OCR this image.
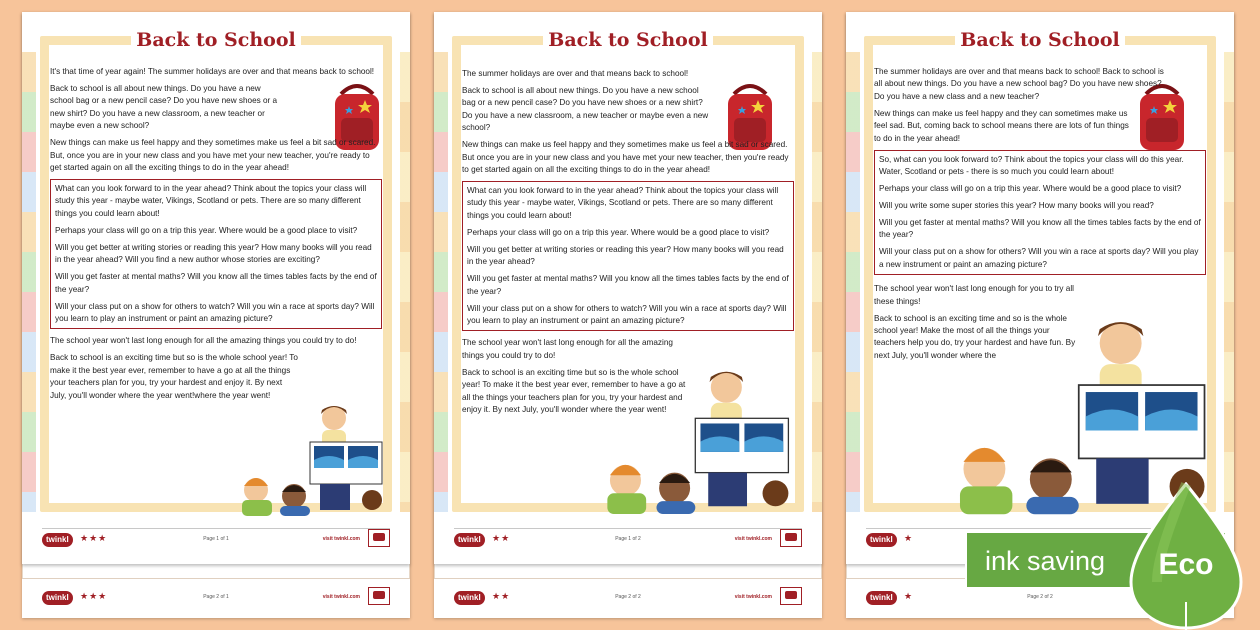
twinkl	★★★	Page 2 of 1	visit twinkl.com
Back to School

It's that time of year again! The summer holidays are over and that means back to school!

Back to school is all about new things. Do you have a new school bag or a new pencil case? Do you have new shoes or a new shirt? Do you have a new classroom, a new teacher or maybe even a new school?

New things can make us feel happy and they sometimes make us feel a bit sad or scared. But, once you are in your new class and you have met your new teacher, you're ready to get started again on all the exciting things to do in the year ahead!

What can you look forward to in the year ahead? Think about the topics your class will study this year - maybe water, Vikings, Scotland or pets. There are so many different things you could learn about!

Perhaps your class will go on a trip this year. Where would be a good place to visit?

Will you get better at writing stories or reading this year? How many books will you read in the year ahead? Will you find a new author whose stories are exciting?

Will you get faster at mental maths? Will you know all the times tables facts by the end of the year?

Will your class put on a show for others to watch? Will you win a race at sports day? Will you learn to play an instrument or paint an amazing picture?

The school year won't last long enough for all the amazing things you could try to do!

Back to school is an exciting time but so is the whole school year! To make it the best year ever, remember to have a go at all the things your teachers plan for you, try your hardest and enjoy it. By next July, you'll wonder where the year went!where the year went!

twinkl	★★★	Page 1 of 1	visit twinkl.com
twinkl	★★	Page 2 of 2	visit twinkl.com
Back to School

The summer holidays are over and that means back to school!

Back to school is all about new things. Do you have a new school bag or a new pencil case? Do you have new shoes or a new shirt? Do you have a new classroom, a new teacher or maybe even a new school?

New things can make us feel happy and they sometimes make us feel a bit sad or scared. But once you are in your new class and you have met your new teacher, then you're ready to get started again on all the exciting things to do in the year ahead!

What can you look forward to in the year ahead? Think about the topics your class will study this year - maybe water, Vikings, Scotland or pets. There are so many different things you could learn about!

Perhaps your class will go on a trip this year. Where would be a good place to visit?

Will you get better at writing stories or reading this year? How many books will you read in the year ahead?

Will you get faster at mental maths? Will you know all the times tables facts by the end of the year?

Will your class put on a show for others to watch? Will you win a race at sports day? Will you learn to play an instrument or paint an amazing picture?

The school year won't last long enough for all the amazing things you could try to do!

Back to school is an exciting time but so is the whole school year! To make it the best year ever, remember to have a go at all the things your teachers plan for you, try your hardest and enjoy it. By next July, you'll wonder where the year went!

twinkl	★★	Page 1 of 2	visit twinkl.com
twinkl	★	Page 2 of 2
Back to School

The summer holidays are over and that means back to school! Back to school is all about new things. Do you have a new school bag? Do you have new shoes? Do you have a new class and a new teacher?

New things can make us feel happy and they can sometimes make us feel sad. But, coming back to school means there are lots of fun things to do in the year ahead!

So, what can you look forward to? Think about the topics your class will do this year. Water, Scotland or pets - there is so much you could learn about!

Perhaps your class will go on a trip this year. Where would be a good place to visit?

Will you write some super stories this year? How many books will you read?

Will you get faster at mental maths? Will you know all the times tables facts by the end of the year?

Will your class put on a show for others? Will you win a race at sports day? Will you play a new instrument or paint an amazing picture?

The school year won't last long enough for you to try all these things!

Back to school is an exciting time and so is the whole school year! Make the most of all the things your teachers help you do, try your hardest and have fun. By next July, you'll wonder where the

twinkl	★
ink saving	Eco
